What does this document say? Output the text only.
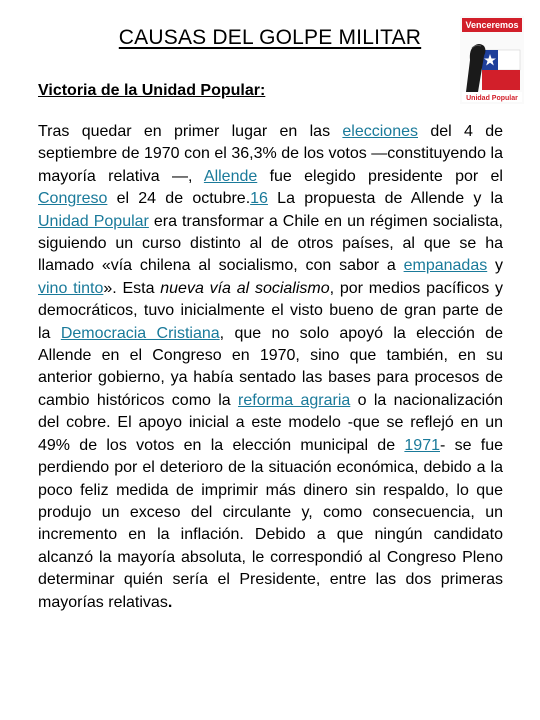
CAUSAS DEL GOLPE MILITAR
Victoria de la Unidad Popular:
Venceremos
Unidad Popular
Tras quedar en primer lugar en las elecciones del 4 de septiembre de 1970 con el 36,3% de los votos —constituyendo la mayoría relativa —, Allende fue elegido presidente por el Congreso el 24 de octubre.16 La propuesta de Allende y la Unidad Popular era transformar a Chile en un régimen socialista, siguiendo un curso distinto al de otros países, al que se ha llamado «vía chilena al socialismo, con sabor a empanadas y vino tinto». Esta nueva vía al socialismo, por medios pacíficos y democráticos, tuvo inicialmente el visto bueno de gran parte de la Democracia Cristiana, que no solo apoyó la elección de Allende en el Congreso en 1970, sino que también, en su anterior gobierno, ya había sentado las bases para procesos de cambio históricos como la reforma agraria o la nacionalización del cobre. El apoyo inicial a este modelo -que se reflejó en un 49% de los votos en la elección municipal de 1971- se fue perdiendo por el deterioro de la situación económica, debido a la poco feliz medida de imprimir más dinero sin respaldo, lo que produjo un exceso del circulante y, como consecuencia, un incremento en la inflación. Debido a que ningún candidato alcanzó la mayoría absoluta, le correspondió al Congreso Pleno determinar quién sería el Presidente, entre las dos primeras mayorías relativas.
